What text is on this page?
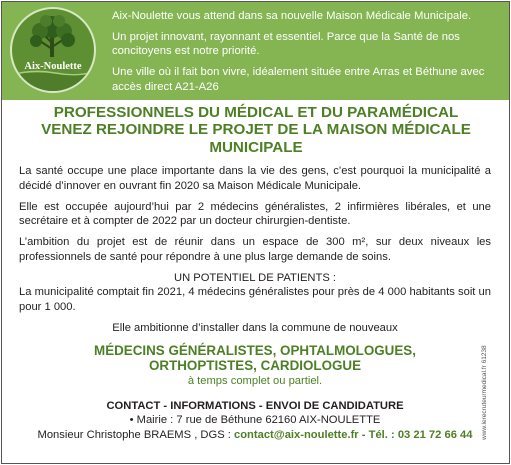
Aix-Noulette

Aix-Noulette vous attend dans sa nouvelle Maison Médicale Municipale.

Un projet innovant, rayonnant et essentiel. Parce que la Santé de nos concitoyens est notre priorité.

Une ville où il fait bon vivre, idéalement située entre Arras et Béthune avec accès direct A21-A26

PROFESSIONNELS DU MÉDICAL ET DU PARAMÉDICAL
VENEZ REJOINDRE LE PROJET DE LA MAISON MÉDICALE
MUNICIPALE

La santé occupe une place importante dans la vie des gens, c’est pourquoi la municipalité a décidé d’innover en ouvrant fin 2020 sa Maison Médicale Municipale.

Elle est occupée aujourd’hui par 2 médecins généralistes, 2 infirmières libérales, et une secrétaire et à compter de 2022 par un docteur chirurgien-dentiste.

L’ambition du projet est de réunir dans un espace de 300 m², sur deux niveaux les professionnels de santé pour répondre à une plus large demande de soins.

UN POTENTIEL DE PATIENTS :

La municipalité comptait fin 2021, 4 médecins généralistes pour près de 4 000 habitants soit un pour 1 000.

Elle ambitionne d’installer dans la commune de nouveaux

MÉDECINS GÉNÉRALISTES, OPHTALMOLOGUES,
ORTHOPTISTES, CARDIOLOGUE

à temps complet ou partiel.

CONTACT - INFORMATIONS - ENVOI DE CANDIDATURE

• Mairie : 7 rue de Béthune 62160 AIX-NOULETTE

Monsieur Christophe BRAEMS , DGS : contact@aix-noulette.fr - Tél. : 03 21 72 66 44	www.lerecruteurmedical.fr 61238
